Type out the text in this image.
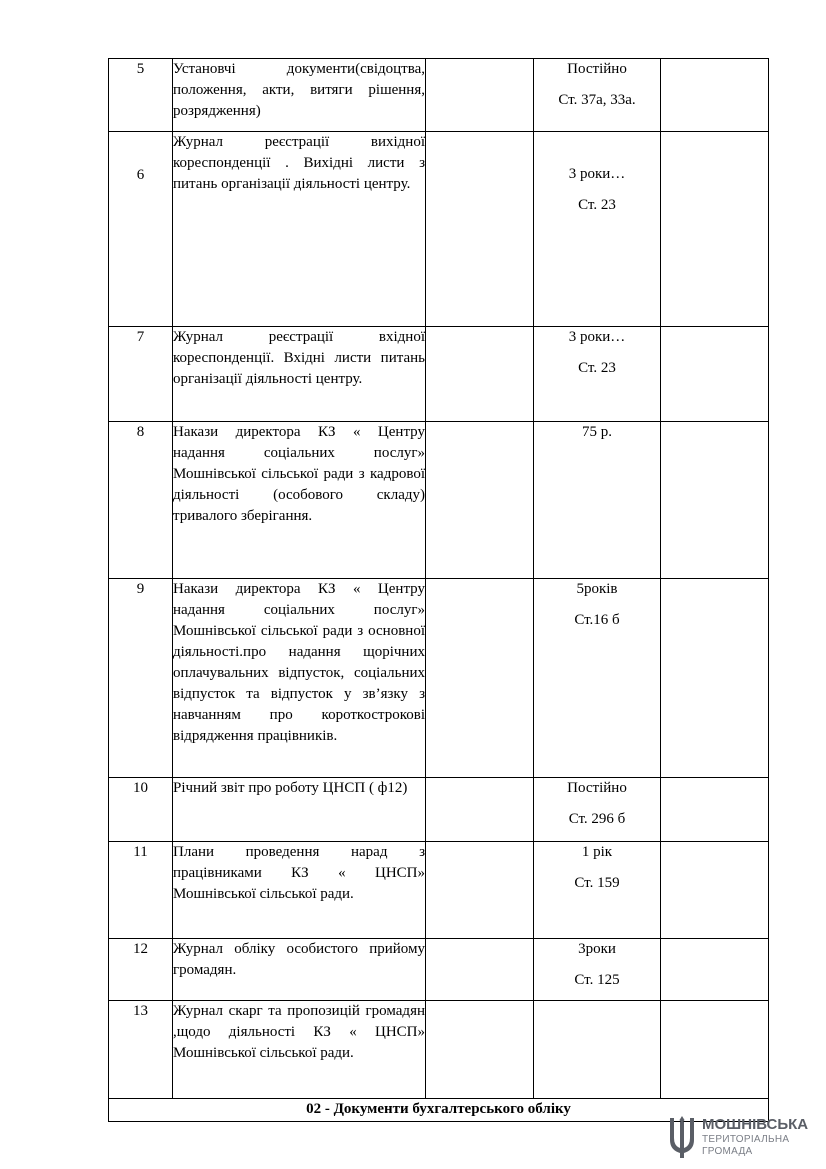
5	Установчі документи(свідоцтва, положення, акти, витяги рішення, розрядження)		Постійно
Ст. 37а, 33а.	

6	Журнал реєстрації вихідної кореспонденції . Вихідні листи з питань організації діяльності центру.		3 роки…
Ст. 23	

7	Журнал реєстрації вхідної кореспонденції. Вхідні листи питань організації діяльності центру.		3 роки…
Ст. 23	

8	Накази директора КЗ « Центру надання соціальних послуг» Мошнівської сільської ради з кадрової діяльності (особового складу) тривалого зберігання.		75 р.	

9	Накази директора КЗ « Центру надання соціальних послуг» Мошнівської сільської ради з основної діяльності.про надання щорічних оплачувальних відпусток, соціальних відпусток та відпусток у зв’язку з навчанням про короткострокові відрядження працівників.		5років
Ст.16 б	

10	Річний звіт про роботу ЦНСП ( ф12)		Постійно
Ст. 296 б	

11	Плани проведення нарад з працівниками КЗ « ЦНСП» Мошнівської сільської ради.		1 рік
Ст. 159	

12	Журнал обліку особистого прийому громадян.		3роки
Ст. 125	

13	Журнал скарг та пропозицій громадян ,щодо діяльності КЗ « ЦНСП» Мошнівської сільської ради.		

02 - Документи бухгалтерського обліку				
МОШНІВСЬКА
ТЕРИТОРІАЛЬНА
ГРОМАДА
